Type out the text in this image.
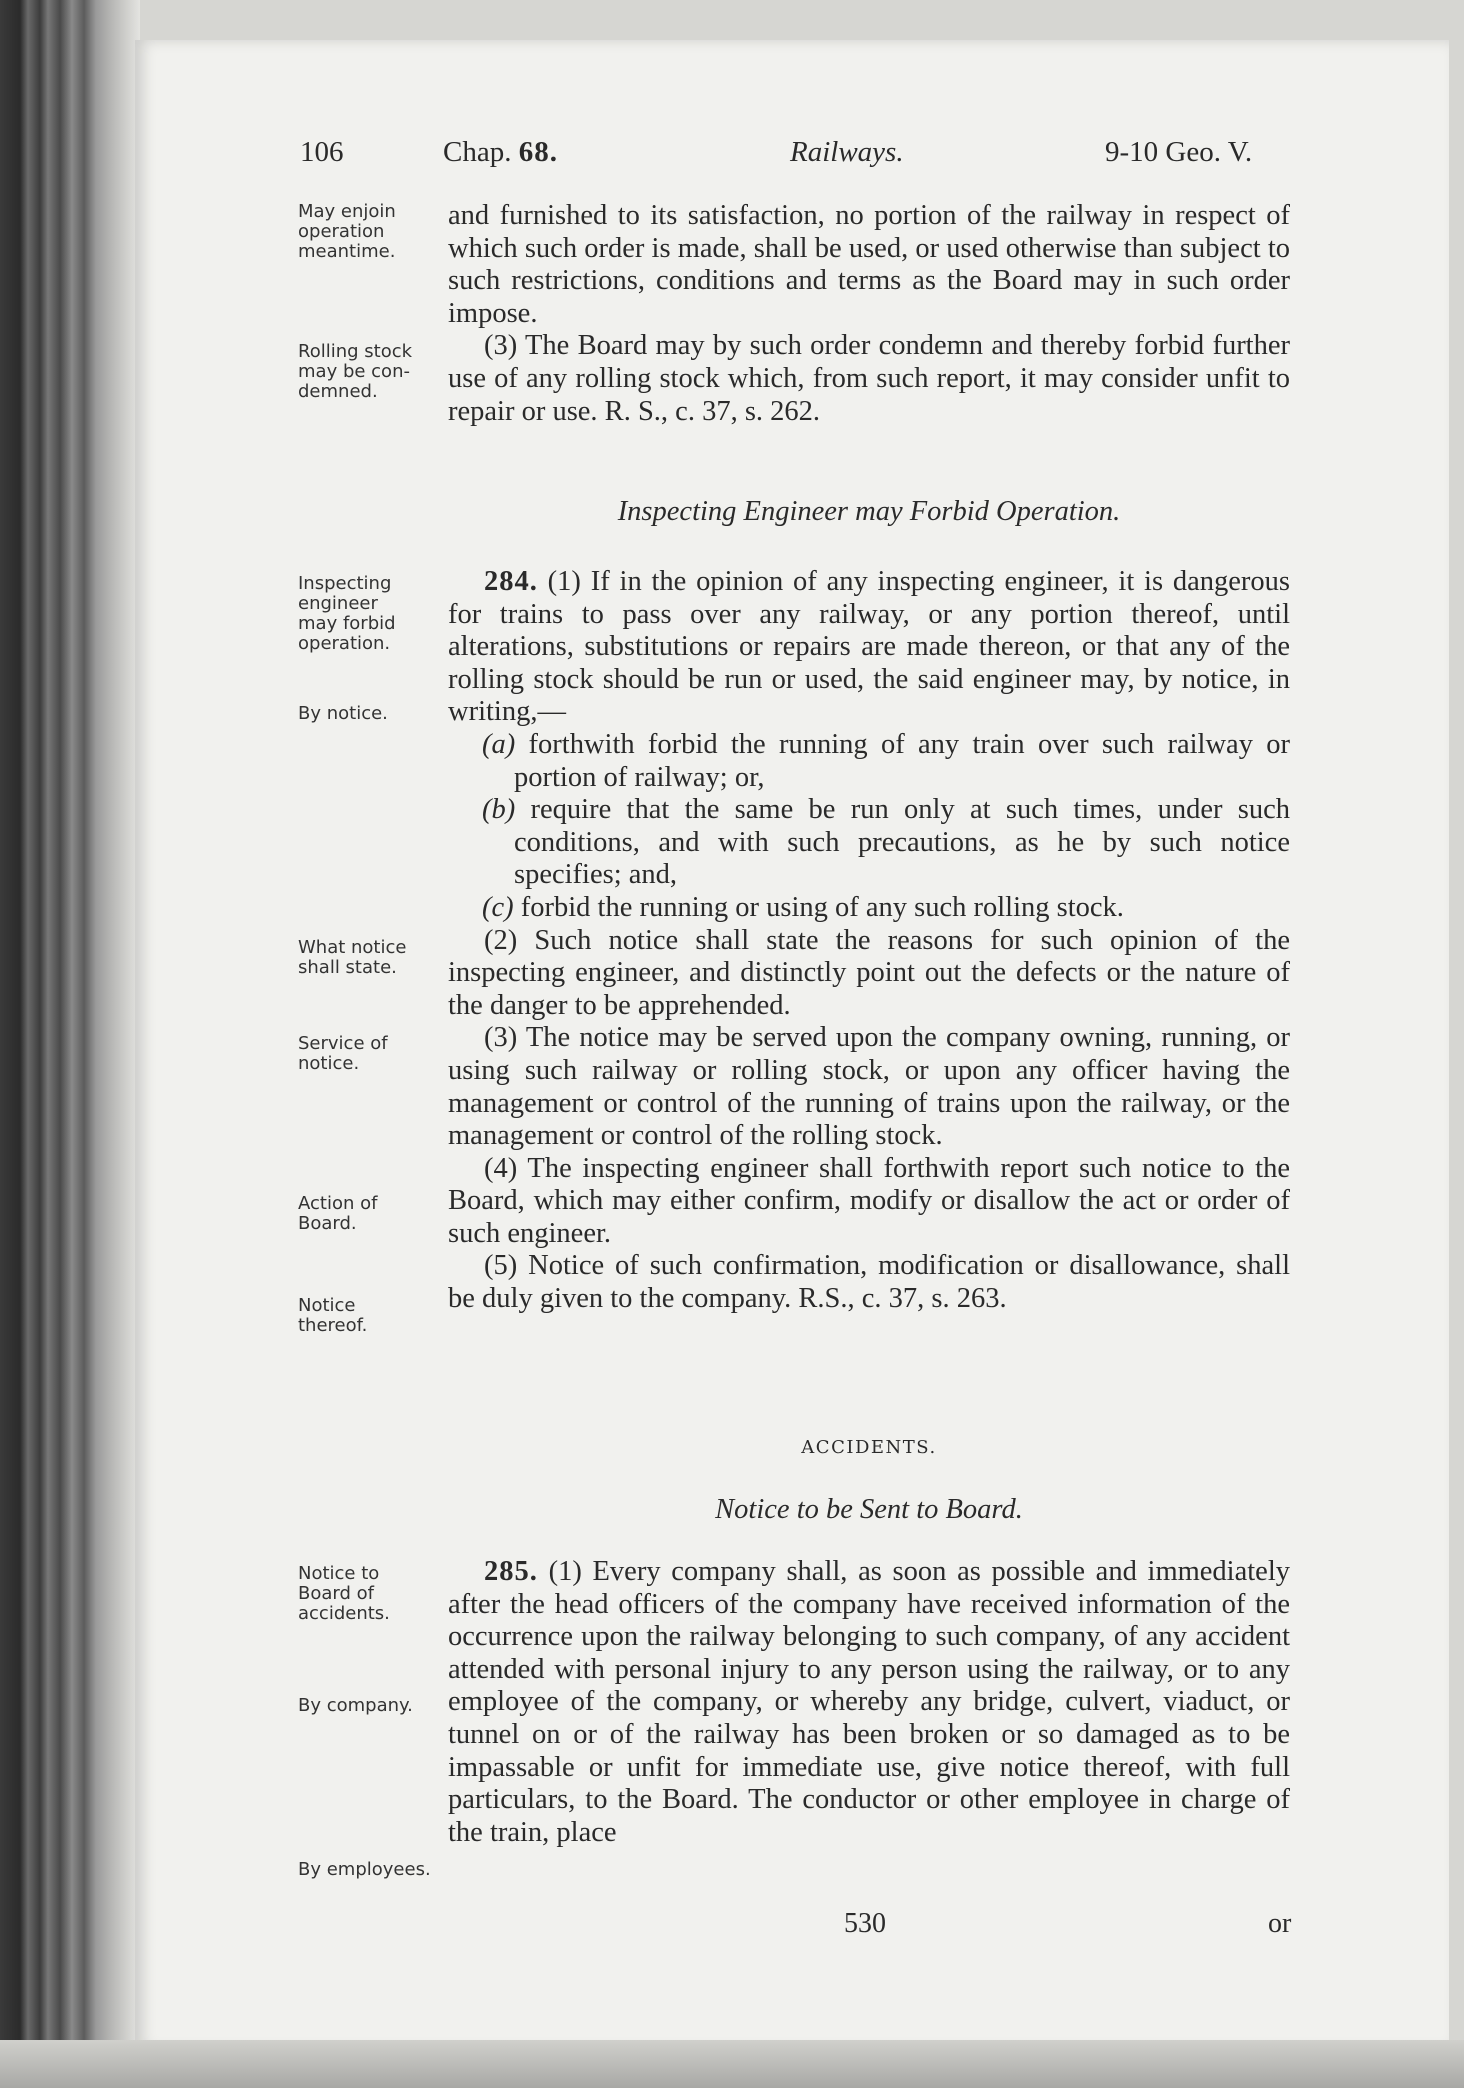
106	Chap. 68.	Railways.	9-10 Geo. V.
May enjoin operation meantime.
Rolling stock may be con-demned.
Inspecting engineer may forbid operation.
By notice.
What notice shall state.
Service of notice.
Action of Board.
Notice thereof.
Notice to Board of accidents.
By company.
By employees.

and furnished to its satisfaction, no portion of the railway in respect of which such order is made, shall be used, or used otherwise than subject to such restrictions, conditions and terms as the Board may in such order impose.

(3) The Board may by such order condemn and thereby forbid further use of any rolling stock which, from such report, it may consider unfit to repair or use. R. S., c. 37, s. 262.

Inspecting Engineer may Forbid Operation.

284. (1) If in the opinion of any inspecting engineer, it is dangerous for trains to pass over any railway, or any portion thereof, until alterations, substitutions or repairs are made thereon, or that any of the rolling stock should be run or used, the said engineer may, by notice, in writing,—

(a) forthwith forbid the running of any train over such railway or portion of railway; or,

(b) require that the same be run only at such times, under such conditions, and with such precautions, as he by such notice specifies; and,

(c) forbid the running or using of any such rolling stock.

(2) Such notice shall state the reasons for such opinion of the inspecting engineer, and distinctly point out the defects or the nature of the danger to be apprehended.

(3) The notice may be served upon the company owning, running, or using such railway or rolling stock, or upon any officer having the management or control of the running of trains upon the railway, or the management or control of the rolling stock.

(4) The inspecting engineer shall forthwith report such notice to the Board, which may either confirm, modify or disallow the act or order of such engineer.

(5) Notice of such confirmation, modification or disallowance, shall be duly given to the company. R.S., c. 37, s. 263.

ACCIDENTS.
Notice to be Sent to Board.

285. (1) Every company shall, as soon as possible and immediately after the head officers of the company have received information of the occurrence upon the railway belonging to such company, of any accident attended with personal injury to any person using the railway, or to any employee of the company, or whereby any bridge, culvert, viaduct, or tunnel on or of the railway has been broken or so damaged as to be impassable or unfit for immediate use, give notice thereof, with full particulars, to the Board. The conductor or other employee in charge of the train, place

530	or
